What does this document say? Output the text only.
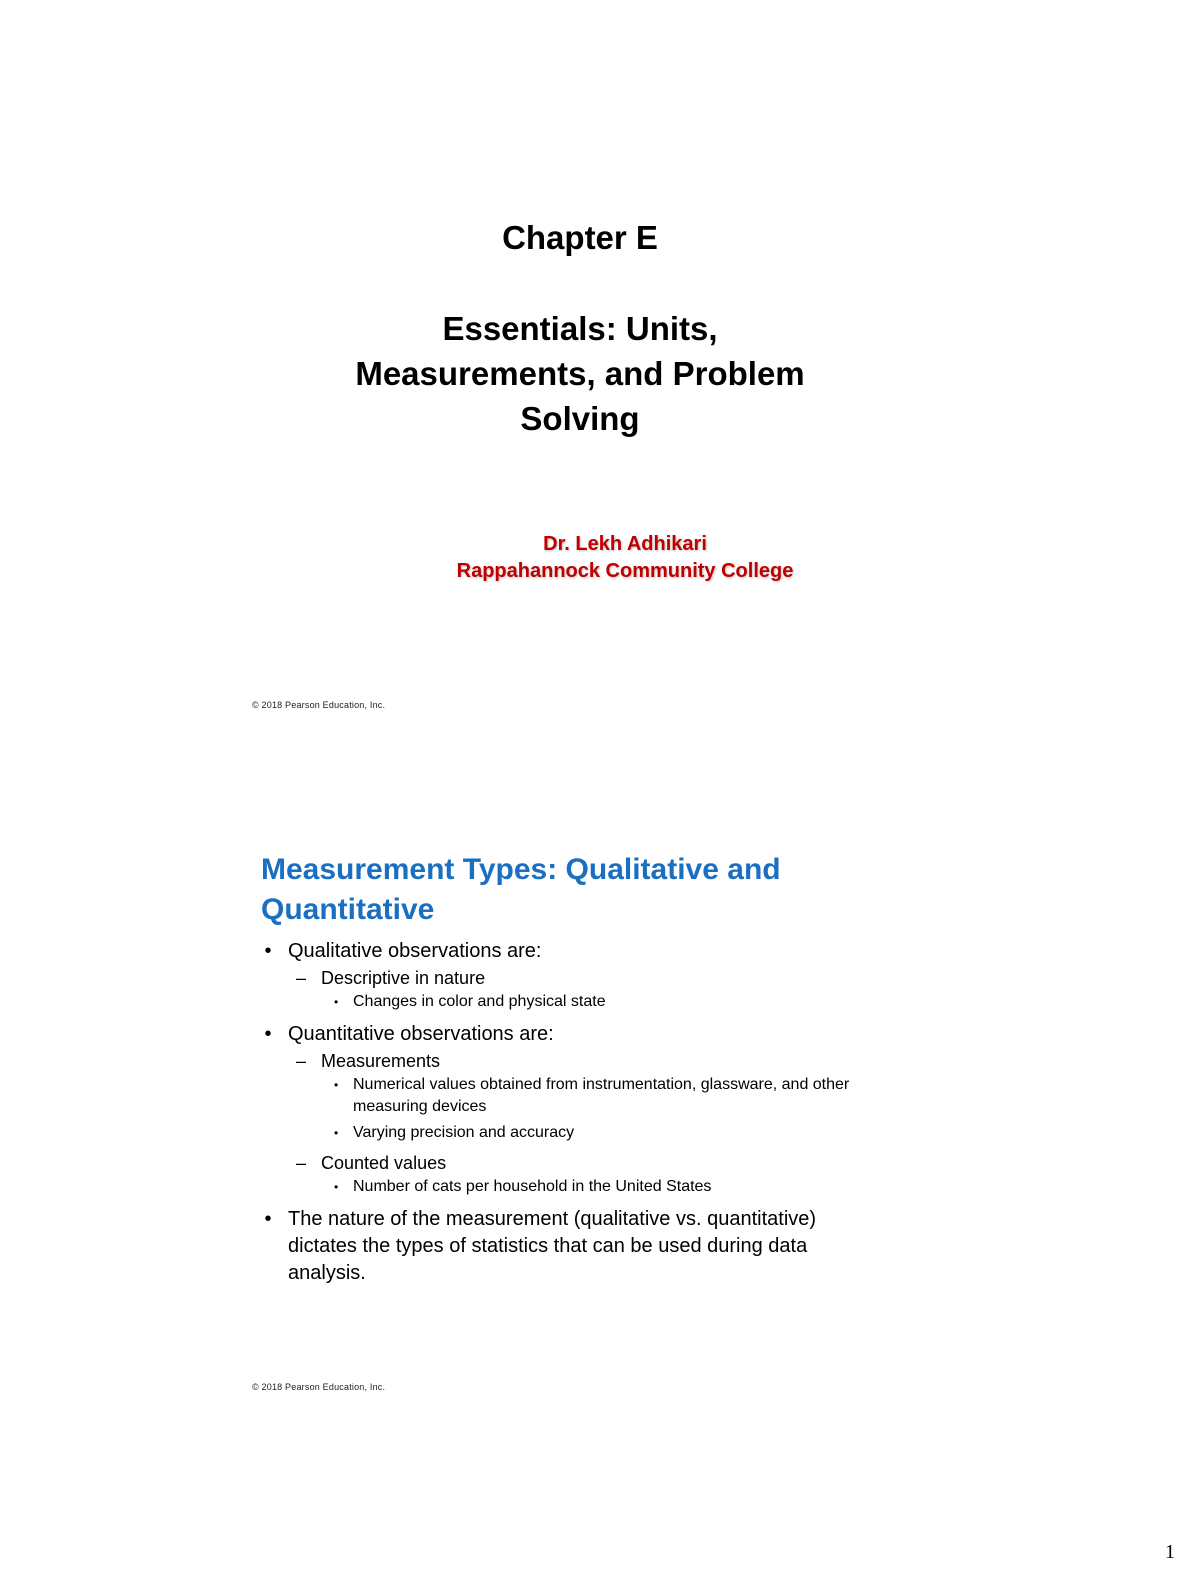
Chapter E
Essentials: Units,
Measurements, and Problem
Solving
Dr. Lekh Adhikari
Rappahannock Community College
© 2018 Pearson Education, Inc.
Measurement Types: Qualitative and
Quantitative
• Qualitative observations are:
– Descriptive in nature
• Changes in color and physical state
• Quantitative observations are:
– Measurements
• Numerical values obtained from instrumentation, glassware, and other
measuring devices
• Varying precision and accuracy
– Counted values
• Number of cats per household in the United States
• The nature of the measurement (qualitative vs. quantitative)
dictates the types of statistics that can be used during data
analysis.
© 2018 Pearson Education, Inc.
1
